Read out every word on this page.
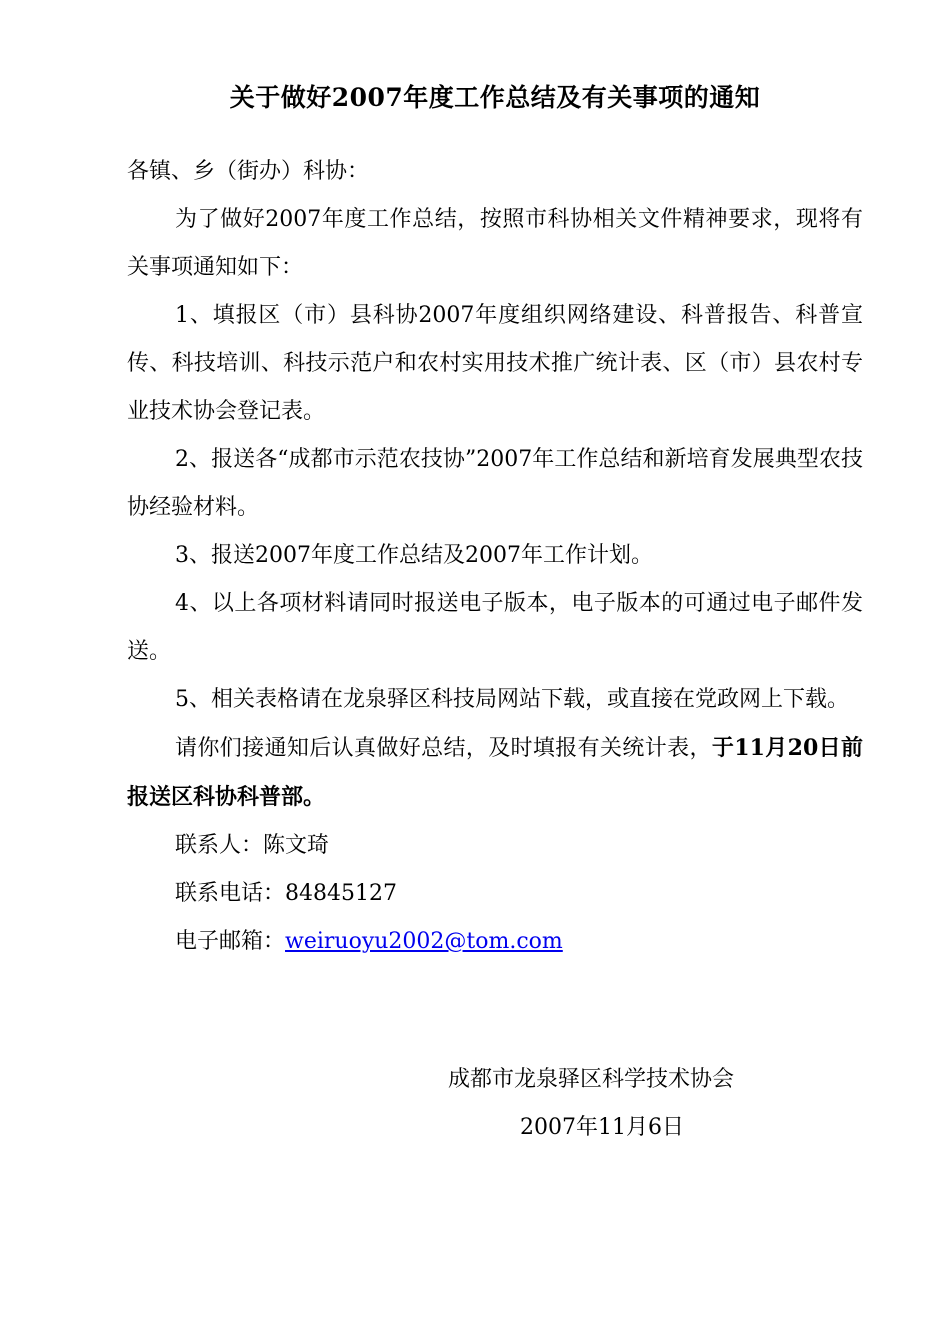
关于做好2007年度工作总结及有关事项的通知

各镇、乡（街办）科协：

为了做好2007年度工作总结，按照市科协相关文件精神要求，现将有关事项通知如下：

1、填报区（市）县科协2007年度组织网络建设、科普报告、科普宣传、科技培训、科技示范户和农村实用技术推广统计表、区（市）县农村专业技术协会登记表。

2、报送各“成都市示范农技协”2007年工作总结和新培育发展典型农技协经验材料。

3、报送2007年度工作总结及2007年工作计划。

4、以上各项材料请同时报送电子版本，电子版本的可通过电子邮件发送。

5、相关表格请在龙泉驿区科技局网站下载，或直接在党政网上下载。

请你们接通知后认真做好总结，及时填报有关统计表，于11月20日前报送区科协科普部。

联系人：陈文琦

联系电话：84845127

电子邮箱：weiruoyu2002@tom.com

成都市龙泉驿区科学技术协会
2007年11月6日
